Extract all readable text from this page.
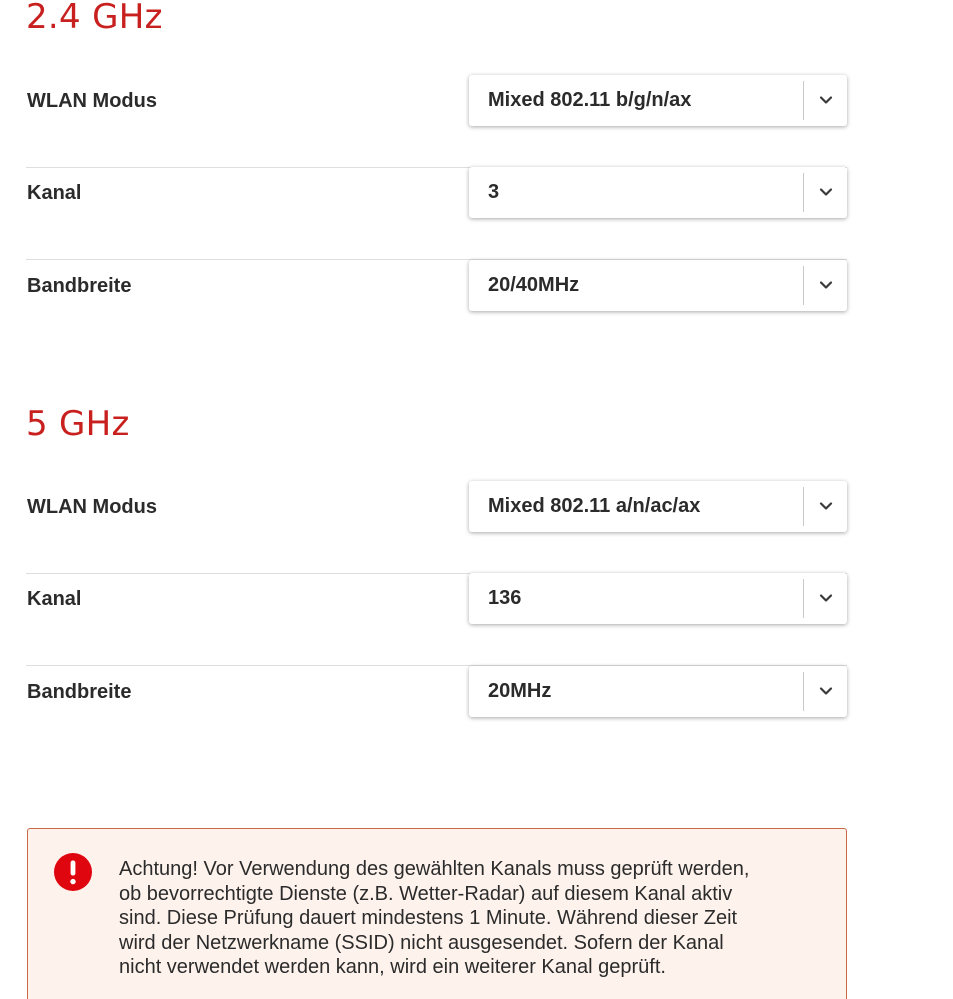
2.4 GHz
WLAN Modus	Mixed 802.11 b/g/n/ax
Kanal	3
Bandbreite	20/40MHz
5 GHz
WLAN Modus	Mixed 802.11 a/n/ac/ax
Kanal	136
Bandbreite	20MHz

Achtung! Vor Verwendung des gewählten Kanals muss geprüft werden, ob bevorrechtigte Dienste (z.B. Wetter-Radar) auf diesem Kanal aktiv sind. Diese Prüfung dauert mindestens 1 Minute. Während dieser Zeit wird der Netzwerkname (SSID) nicht ausgesendet. Sofern der Kanal nicht verwendet werden kann, wird ein weiterer Kanal geprüft.
